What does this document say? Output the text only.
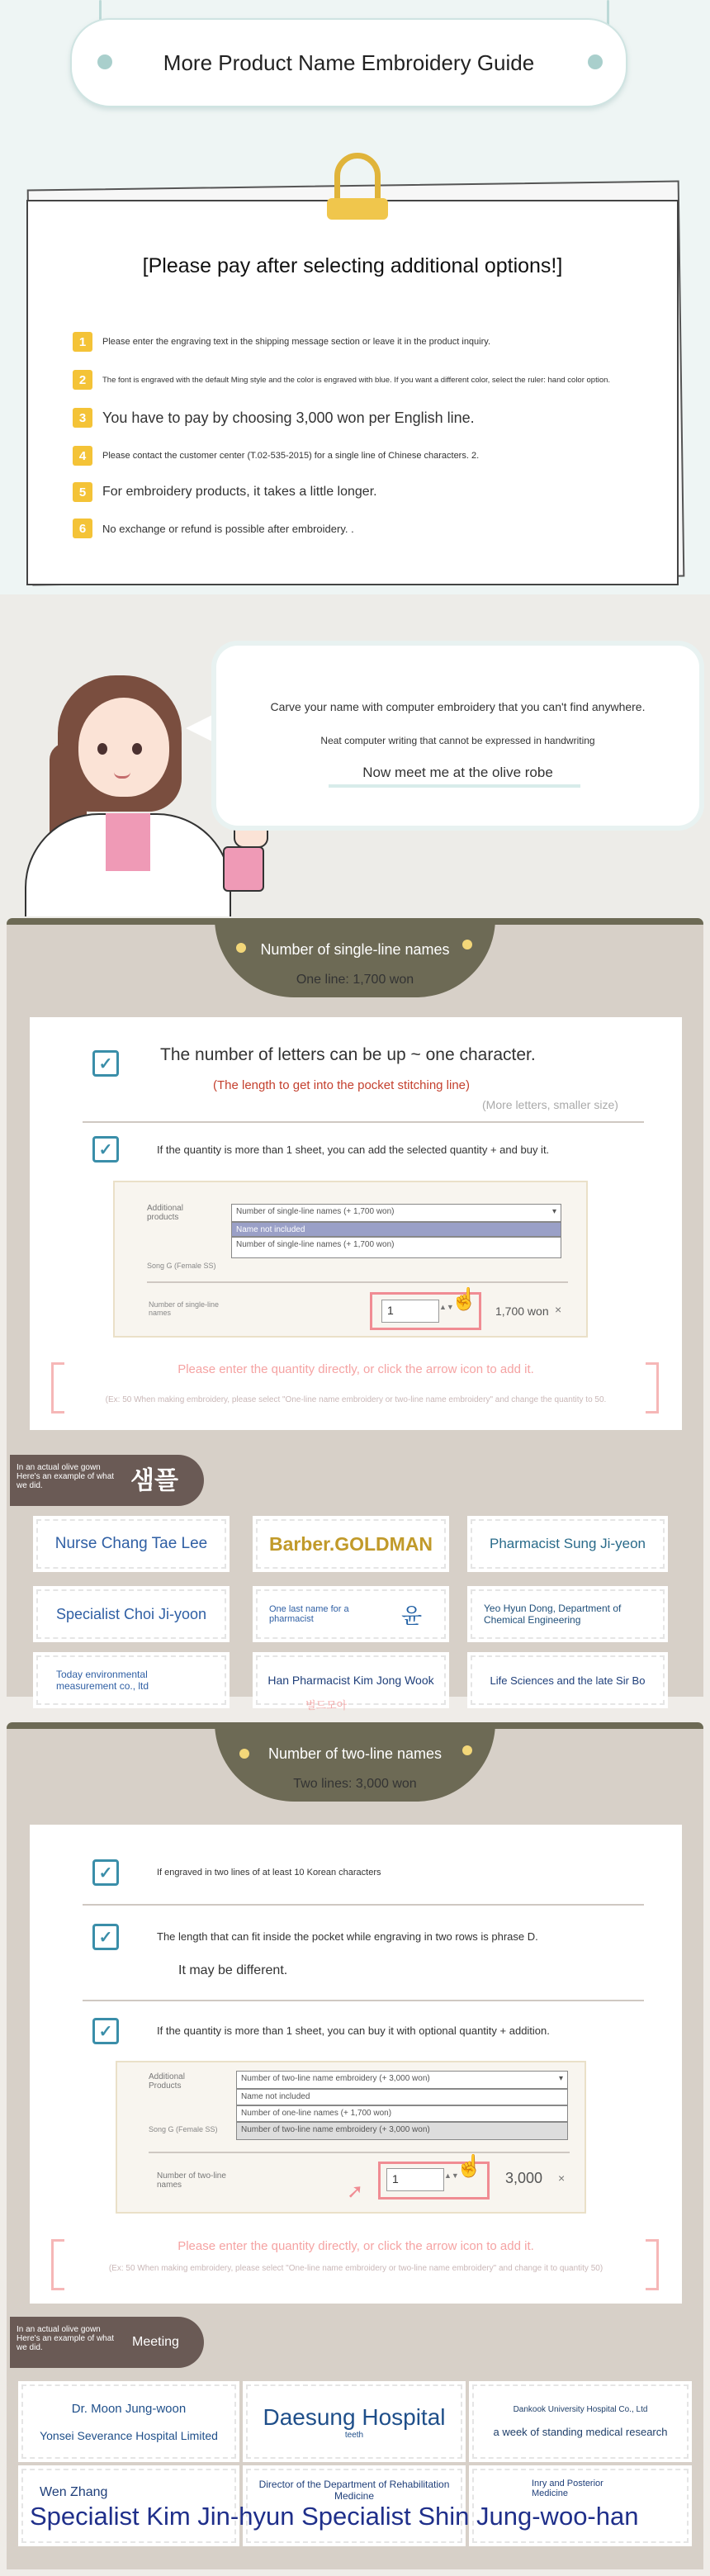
More Product Name Embroidery Guide
[Please pay after selecting additional options!]
1	Please enter the engraving text in the shipping message section or leave it in the product inquiry.
2	The font is engraved with the default Ming style and the color is engraved with blue. If you want a different color, select the ruler: hand color option.
3	You have to pay by choosing 3,000 won per English line.
4	Please contact the customer center (T.02-535-2015) for a single line of Chinese characters. 2.
5	For embroidery products, it takes a little longer.
6	No exchange or refund is possible after embroidery. .
Carve your name with computer embroidery that you can't find anywhere.
Neat computer writing that cannot be expressed in handwriting
Now meet me at the olive robe
Number of single-line names
One line: 1,700 won
✓	The number of letters can be up ~ one character.
(The length to get into the pocket stitching line)
(More letters, smaller size)
✓	If the quantity is more than 1 sheet, you can add the selected quantity + and buy it.
Additional products
Number of single-line names (+ 1,700 won)	▾
Name not included
Number of single-line names (+ 1,700 won)
Song G (Female SS)
Number of single-line names	1	▲▼
☝ 1,700 won ×
Please enter the quantity directly, or click the arrow icon to add it.
(Ex: 50 When making embroidery, please select "One-line name embroidery or two-line name embroidery" and change the quantity to 50.
In an actual olive gown Here's an example of what we did.	샘플
Nurse Chang Tae Lee	Barber.GOLDMAN	Pharmacist Sung Ji-yeon
Specialist Choi Ji-yoon	One last name for a pharmacist	윤	Yeo Hyun Dong, Department of Chemical Engineering
Today environmental measurement co., ltd	Han Pharmacist Kim Jong Wook	Life Sciences and the late Sir Bo
벌드모아
Number of two-line names
Two lines: 3,000 won
✓	If engraved in two lines of at least 10 Korean characters
✓	The length that can fit inside the pocket while engraving in two rows is phrase D.
It may be different.
✓	If the quantity is more than 1 sheet, you can buy it with optional quantity + addition.
Additional Products
Number of two-line name embroidery (+ 3,000 won)	▾
Name not included
Number of one-line names (+ 1,700 won)
Number of two-line name embroidery (+ 3,000 won)
Song G (Female SS)
Number of two-line names	1	▲▼
☝
➚
3,000 ×
Please enter the quantity directly, or click the arrow icon to add it.
(Ex: 50 When making embroidery, please select "One-line name embroidery or two-line name embroidery" and change it to quantity 50)
In an actual olive gown Here's an example of what we did.	Meeting
Dr. Moon Jung-woon
Yonsei Severance Hospital Limited
Daesung Hospital
teeth
Dankook University Hospital Co., Ltd
a week of standing medical research
Wen Zhang
Director of the Department of Rehabilitation Medicine
Inry and Posterior Medicine
Specialist Kim Jin-hyun Specialist Shin Jung-woo-han
